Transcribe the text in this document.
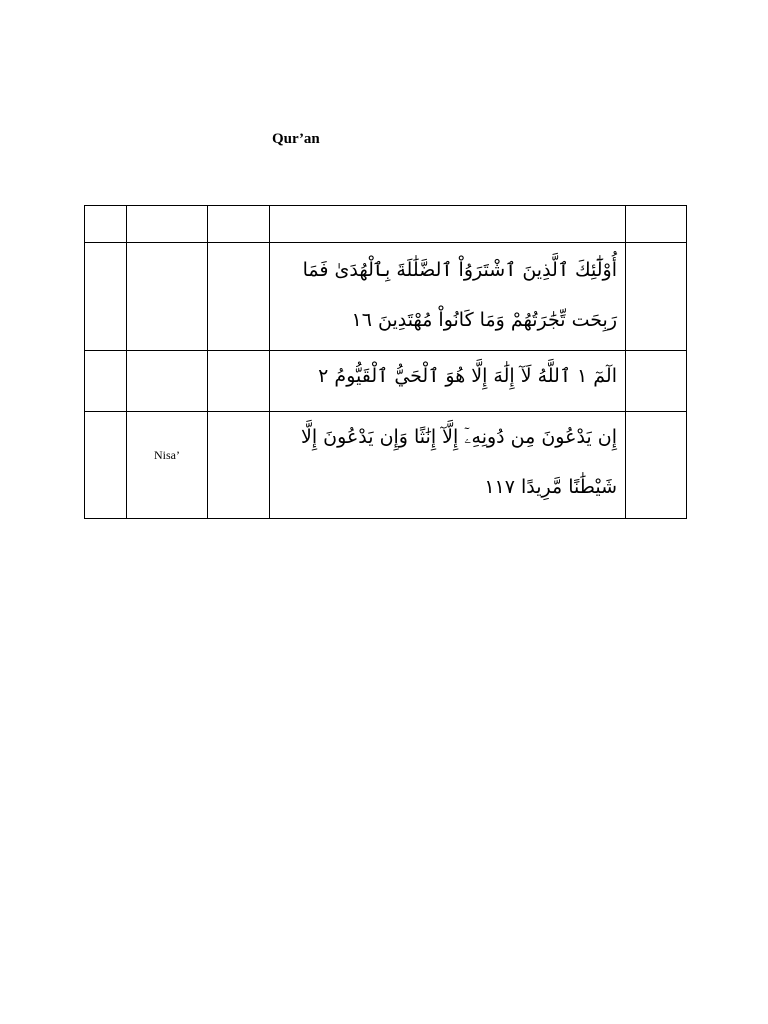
Qur’an

			أُوْلَٰٓئِكَ ٱلَّذِينَ ٱشْتَرَوُاْ ٱلضَّلَٰلَةَ بِٱلْهُدَىٰ فَمَا رَبِحَت تِّجَٰرَتُهُمْ وَمَا كَانُواْ مُهْتَدِينَ ١٦	

			الٓمٓ ١ ٱللَّهُ لَآ إِلَٰهَ إِلَّا هُوَ ٱلْحَيُّ ٱلْقَيُّومُ ٢	

	Nisa’		إِن يَدْعُونَ مِن دُونِهِۦٓ إِلَّآ إِنَٰثًا وَإِن يَدْعُونَ إِلَّا شَيْطَٰنًا مَّرِيدًا ١١٧	
